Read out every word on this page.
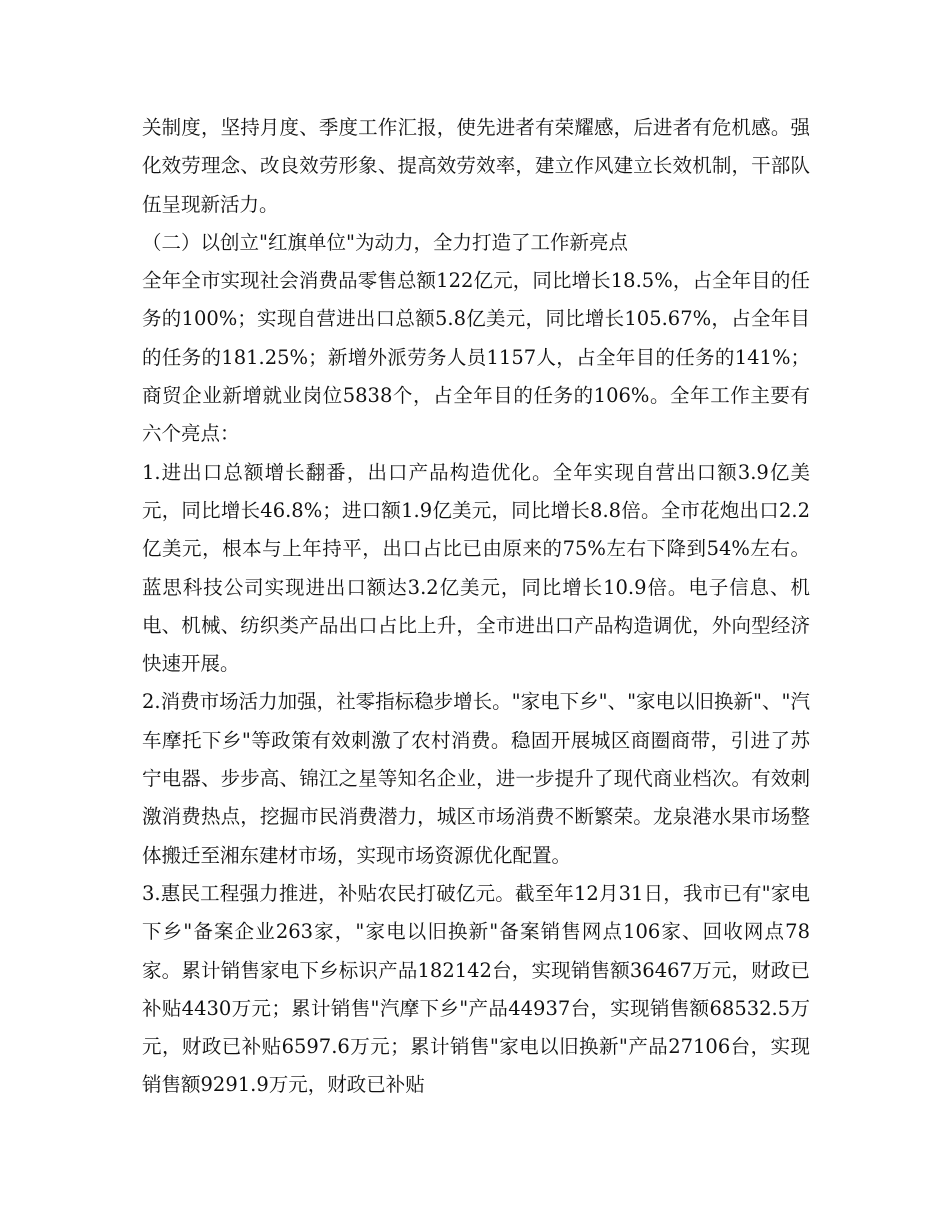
关制度，坚持月度、季度工作汇报，使先进者有荣耀感，后进者有危机感。强化效劳理念、改良效劳形象、提高效劳效率，建立作风建立长效机制，干部队伍呈现新活力。

（二）以创立"红旗单位"为动力，全力打造了工作新亮点

全年全市实现社会消费品零售总额122亿元，同比增长18.5%，占全年目的任务的100%；实现自营进出口总额5.8亿美元，同比增长105.67%，占全年目的任务的181.25%；新增外派劳务人员1157人，占全年目的任务的141%；商贸企业新增就业岗位5838个，占全年目的任务的106%。全年工作主要有六个亮点：

1.进出口总额增长翻番，出口产品构造优化。全年实现自营出口额3.9亿美元，同比增长46.8%；进口额1.9亿美元，同比增长8.8倍。全市花炮出口2.2亿美元，根本与上年持平，出口占比已由原来的75%左右下降到54%左右。蓝思科技公司实现进出口额达3.2亿美元，同比增长10.9倍。电子信息、机电、机械、纺织类产品出口占比上升，全市进出口产品构造调优，外向型经济快速开展。

2.消费市场活力加强，社零指标稳步增长。"家电下乡"、"家电以旧换新"、"汽车摩托下乡"等政策有效刺激了农村消费。稳固开展城区商圈商带，引进了苏宁电器、步步高、锦江之星等知名企业，进一步提升了现代商业档次。有效刺激消费热点，挖掘市民消费潜力，城区市场消费不断繁荣。龙泉港水果市场整体搬迁至湘东建材市场，实现市场资源优化配置。

3.惠民工程强力推进，补贴农民打破亿元。截至年12月31日，我市已有"家电下乡"备案企业263家，"家电以旧换新"备案销售网点106家、回收网点78家。累计销售家电下乡标识产品182142台，实现销售额36467万元，财政已补贴4430万元；累计销售"汽摩下乡"产品44937台，实现销售额68532.5万元，财政已补贴6597.6万元；累计销售"家电以旧换新"产品27106台，实现销售额9291.9万元，财政已补贴
